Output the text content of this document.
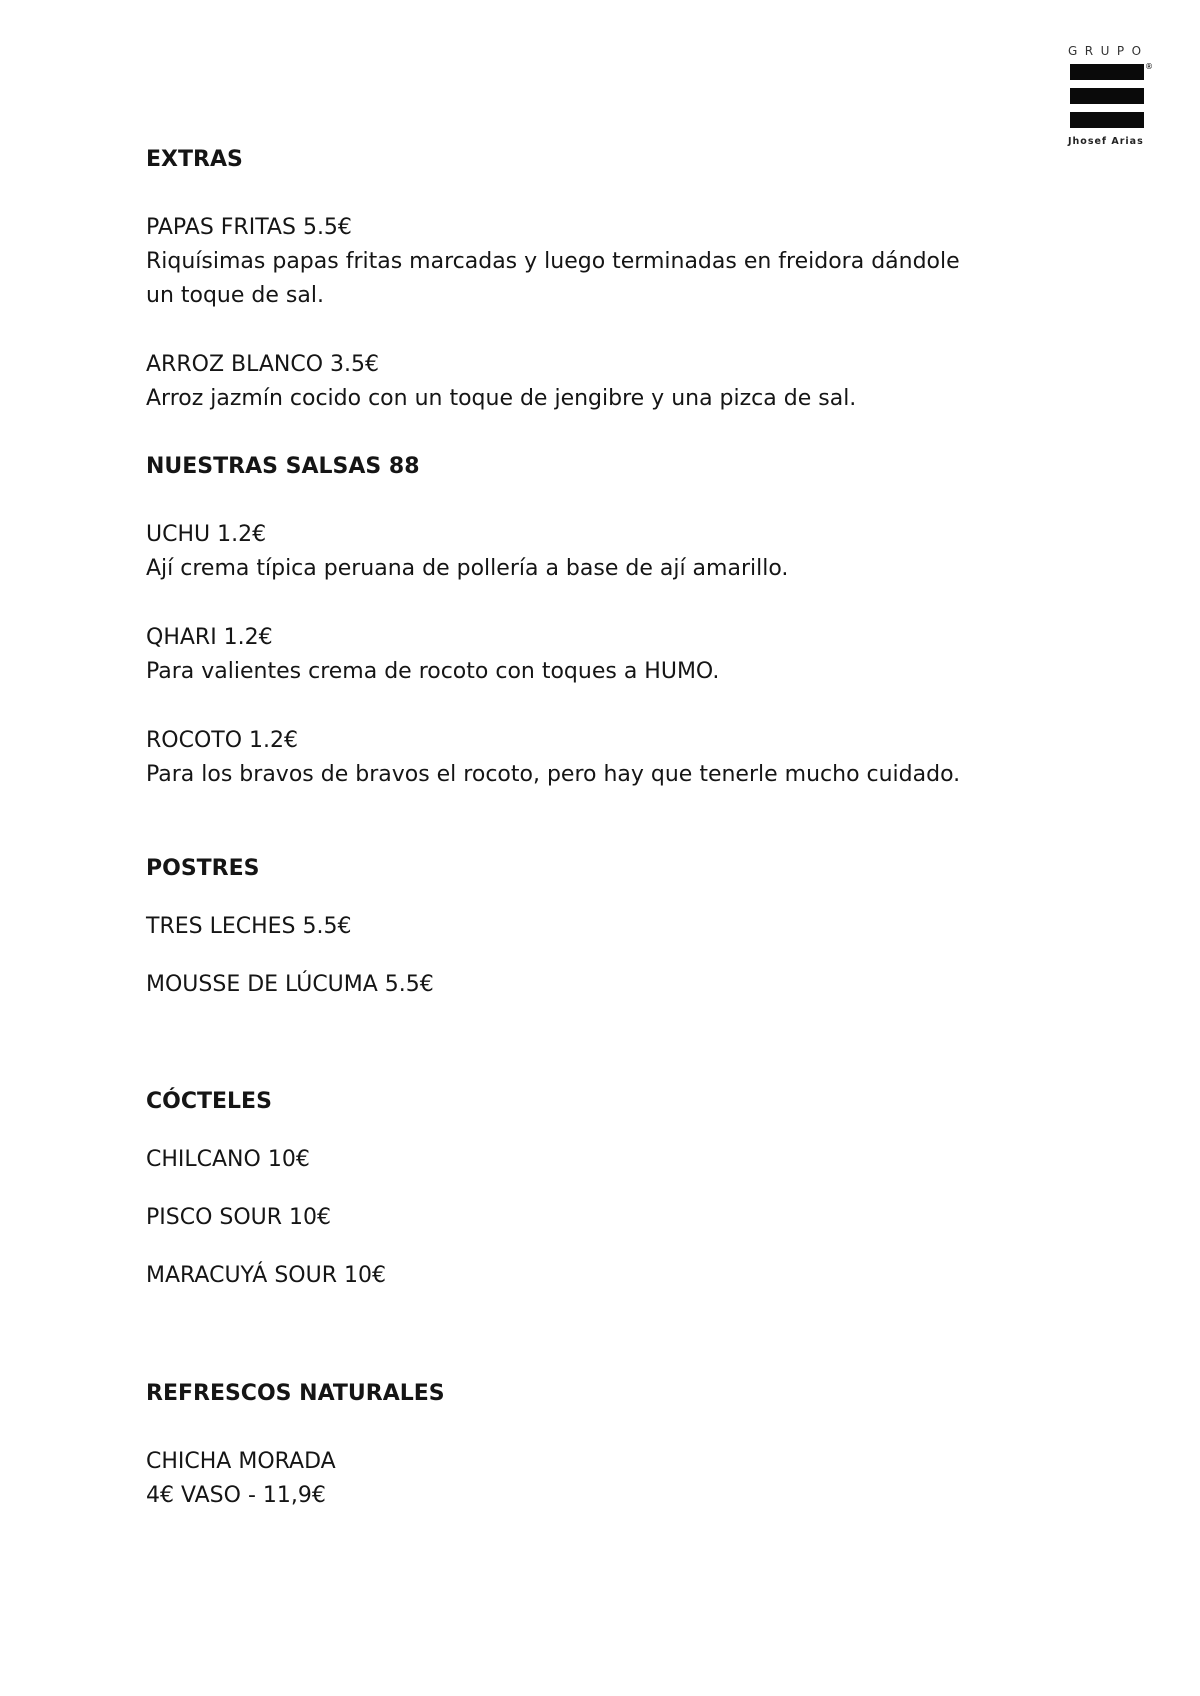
GRUPO
®
Jhosef Arias
EXTRAS
PAPAS FRITAS 5.5€
Riquísimas papas fritas marcadas y luego terminadas en freidora dándole
un toque de sal.
ARROZ BLANCO 3.5€
Arroz jazmín cocido con un toque de jengibre y una pizca de sal.
NUESTRAS SALSAS 88
UCHU 1.2€
Ají crema típica peruana de pollería a base de ají amarillo.
QHARI 1.2€
Para valientes crema de rocoto con toques a HUMO.
ROCOTO 1.2€
Para los bravos de bravos el rocoto, pero hay que tenerle mucho cuidado.
POSTRES
TRES LECHES 5.5€
MOUSSE DE LÚCUMA 5.5€
CÓCTELES
CHILCANO 10€
PISCO SOUR 10€
MARACUYÁ SOUR 10€
REFRESCOS NATURALES
CHICHA MORADA
4€ VASO - 11,9€
